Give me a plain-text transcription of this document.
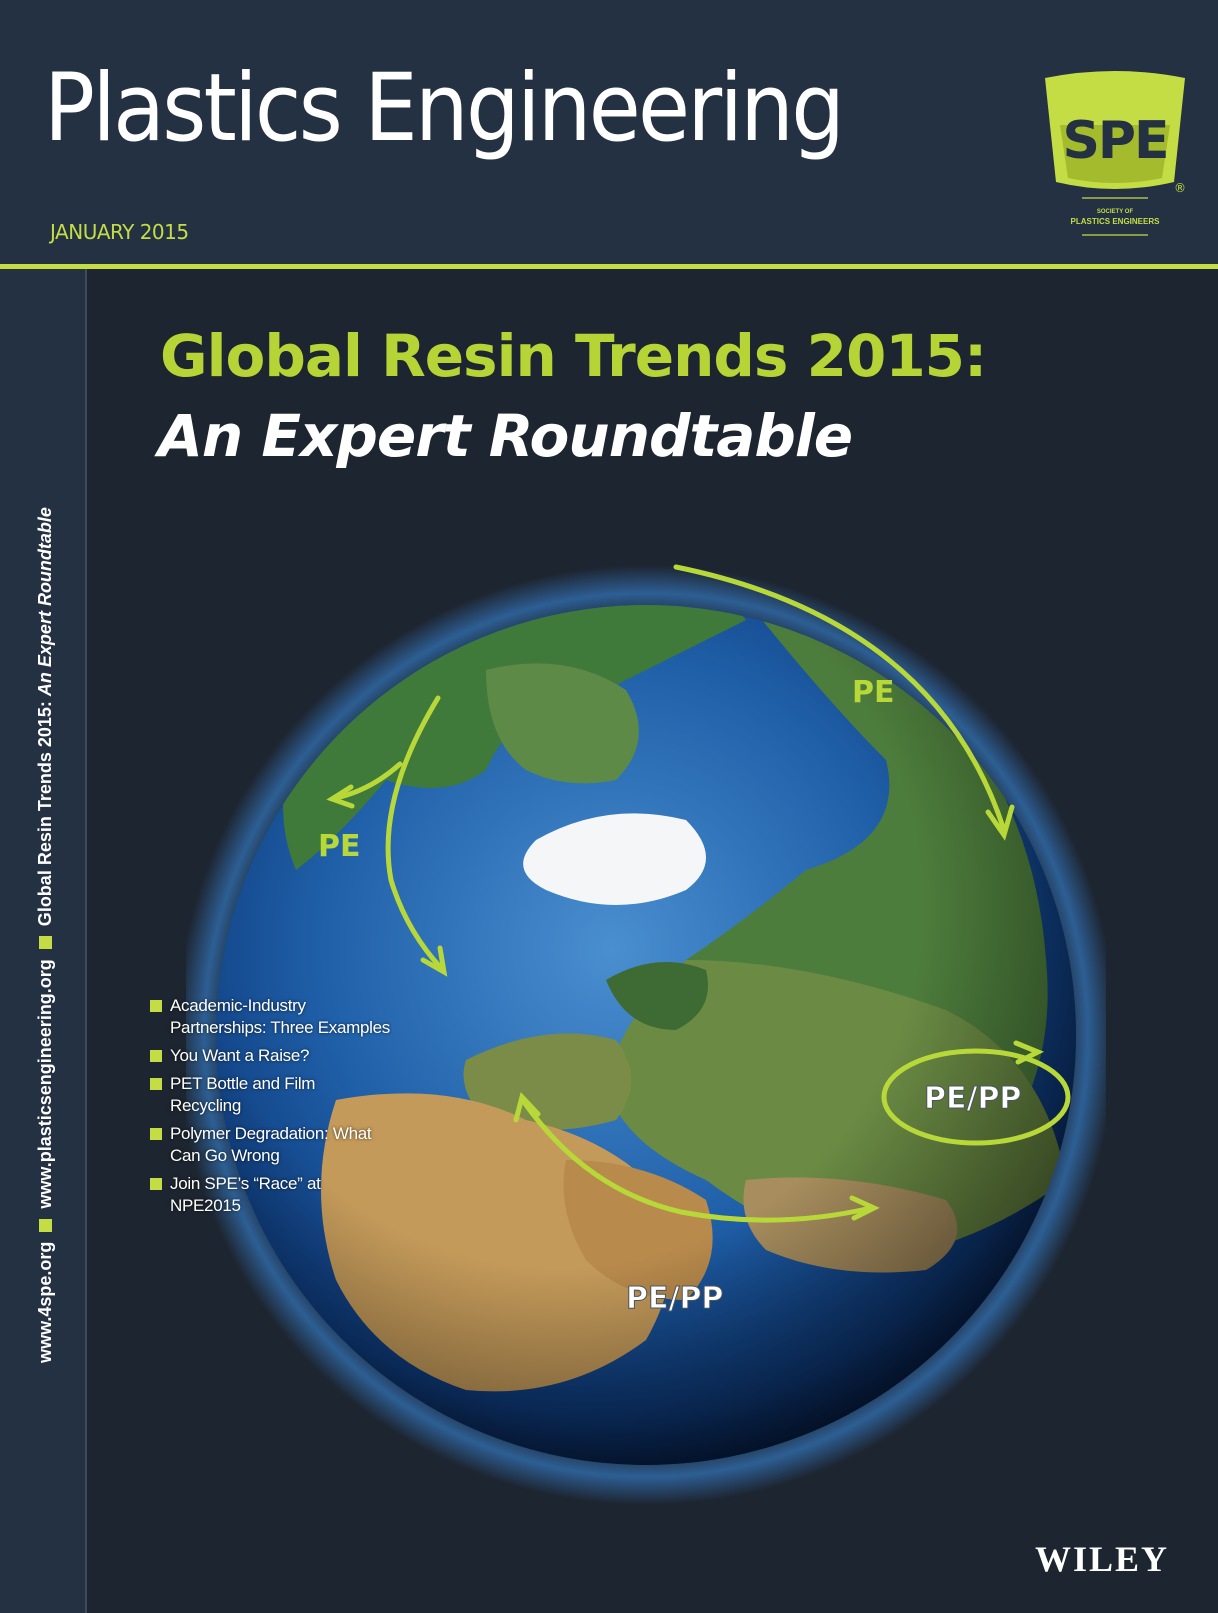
Plastics Engineering
JANUARY 2015
SPE
®
SOCIETY OF
PLASTICS ENGINEERS
www.4spe.orgwww.plasticsengineering.orgGlobal Resin Trends 2015: An Expert Roundtable
Global Resin Trends 2015:
An Expert Roundtable
PE
PE
PE/PP
PE/PP
Academic-Industry Partnerships: Three Examples
You Want a Raise?
PET Bottle and Film Recycling
Polymer Degradation: What Can Go Wrong
Join SPE’s “Race” at NPE2015
WILEY
